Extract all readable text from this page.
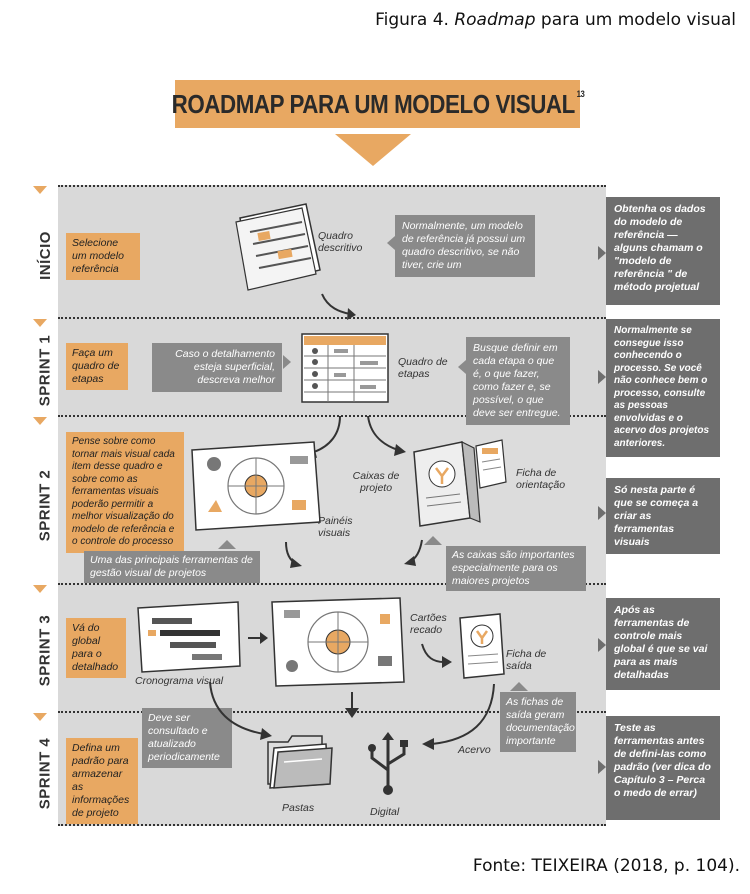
Figura 4. Roadmap para um modelo visual
ROADMAP PARA UM MODELO VISUAL $^{13}$
INÍCIO
SPRINT 1
SPRINT 2
SPRINT 3
SPRINT 4
Selecione um modelo referência
Quadro descritivo
Normalmente, um modelo de referência já possui um quadro descritivo, se não tiver, crie um
Obtenha os dados do modelo de referência — alguns chamam o "modelo de referência " de método projetual
Faça um quadro de etapas
Caso o detalhamento esteja superficial, descreva melhor
Quadro de etapas
Busque definir em cada etapa o que é, o que fazer, como fazer e, se possível, o que deve ser entregue.
Normalmente se consegue isso conhecendo o processo. Se você não conhece bem o processo, consulte as pessoas envolvidas e o acervo dos projetos anteriores.
Pense sobre como tornar mais visual cada item desse quadro e sobre como as ferramentas visuais poderão permitir a melhor visualização do modelo de referência e o controle do processo
Painéis visuais
Caixas de projeto
Ficha de orientação
Uma das principais ferramentas de gestão visual de projetos
As caixas são importantes especialmente para os maiores projetos
Só nesta parte é que se começa a criar as ferramentas visuais
Vá do global para o detalhado
Cronograma visual
Cartões recado
Ficha de saída
As fichas de saída geram documentação importante
Após as ferramentas de controle mais global é que se vai para as mais detalhadas
Defina um padrão para armazenar as informações de projeto
Deve ser consultado e atualizado periodicamente
Acervo
Pastas	Digital
Teste as ferramentas antes de defini-las como padrão (ver dica do Capítulo 3 – Perca o medo de errar)
Fonte: TEIXEIRA (2018, p. 104).
